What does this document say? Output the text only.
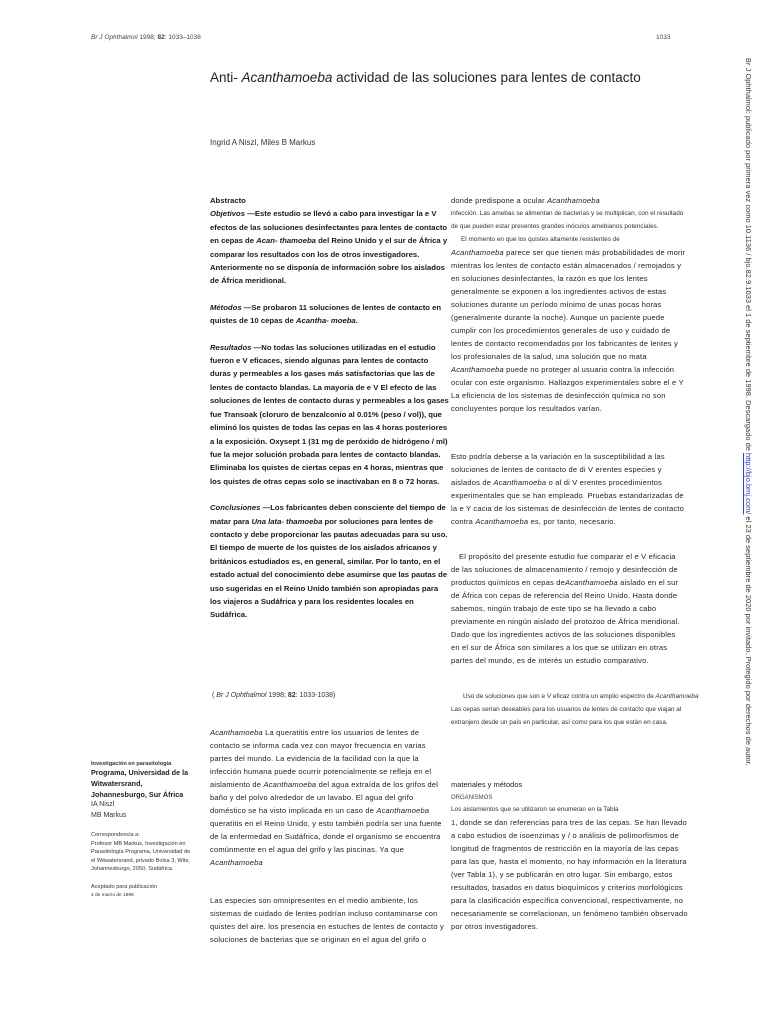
Br J Ophthalmol 1998; 82: 1033–1038	1033
Br J Ophthalmol: publicado por primera vez como 10.1136 / bjo.82.9.1033 el 1 de septiembre de 1998. Descargado de http://bjo.bmj.com/ el 23 de septiembre de 2020 por invitado. Protegido por derechos de autor.
Anti- Acanthamoeba actividad de las soluciones para lentes de contacto
Ingrid A Niszl, Miles B Markus

Abstracto

Objetivos —Este estudio se llevó a cabo para investigar la e V efectos de las soluciones desinfectantes para lentes de contacto en cepas de Acan- thamoeba del Reino Unido y el sur de África y comparar los resultados con los de otros investigadores. Anteriormente no se disponía de información sobre los aislados de África meridional.

Métodos —Se probaron 11 soluciones de lentes de contacto en quistes de 10 cepas de Acantha- moeba.

Resultados —No todas las soluciones utilizadas en el estudio fueron e V eficaces, siendo algunas para lentes de contacto duras y permeables a los gases más satisfactorias que las de lentes de contacto blandas. La mayoría de e V El efecto de las soluciones de lentes de contacto duras y permeables a los gases fue Transoak (cloruro de benzalconio al 0.01% (peso / vol)), que eliminó los quistes de todas las cepas en las 4 horas posteriores a la exposición. Oxysept 1 (31 mg de peróxido de hidrógeno / ml) fue la mejor solución probada para lentes de contacto blandas. Eliminaba los quistes de ciertas cepas en 4 horas, mientras que los quistes de otras cepas solo se inactivaban en 8 o 72 horas.

Conclusiones —Los fabricantes deben consciente del tiempo de matar para Una lata- thamoeba por soluciones para lentes de contacto y debe proporcionar las pautas adecuadas para su uso. El tiempo de muerte de los quistes de los aislados africanos y británicos estudiados es, en general, similar. Por lo tanto, en el estado actual del conocimiento debe asumirse que las pautas de uso sugeridas en el Reino Unido también son apropiadas para los viajeros a Sudáfrica y para los residentes locales en Sudáfrica.

( Br J Ophthalmol 1998; 82: 1033-1038)
Acanthamoeba La queratitis entre los usuarios de lentes de contacto se informa cada vez con mayor frecuencia en varias partes del mundo. La evidencia de la facilidad con la que la infección humana puede ocurrir potencialmente se refleja en el aislamiento de Acanthamoeba del agua extraída de los grifos del baño y del polvo alrededor de un lavabo. El agua del grifo doméstico se ha visto implicada en un caso de Acanthamoeba queratitis en el Reino Unido, y esto también podría ser una fuente de la enfermedad en Sudáfrica, donde el organismo se encuentra comúnmente en el agua del grifo y las piscinas. Ya que Acanthamoeba
Las especies son omnipresentes en el medio ambiente, los sistemas de cuidado de lentes podrían incluso contaminarse con quistes del aire. los presencia en estuches de lentes de contacto y soluciones de bacterias que se originan en el agua del grifo o
Investigación en parasitología
Programa, Universidad de la Witwatersrand, Johannesburgo, Sur África
IA Niszl
MB Markus
Correspondencia a:
Profesor MB Markus, Investigación en Parasitología Programa, Universidad de el Witwatersrand, privado Bolsa 3, Wits, Johannesburgo, 2050, Sudáfrica.
Aceptado para publicación
4 de marzo de 1998
donde predispone a ocular Acanthamoeba
infección. Las amebas se alimentan de bacterias y se multiplican, con el resultado de que pueden estar presentes grandes inóculos amebianos potenciales.
El momento en que los quistes altamente resistentes de
Acanthamoeba parece ser que tienen más probabilidades de morir mientras los lentes de contacto están almacenados / remojados y en soluciones desinfectantes, la razón es que los lentes generalmente se exponen a los ingredientes activos de estas soluciones durante un período mínimo de unas pocas horas (generalmente durante la noche). Aunque un paciente puede cumplir con los procedimientos generales de uso y cuidado de lentes de contacto recomendados por los fabricantes de lentes y los profesionales de la salud, una solución que no mata Acanthamoeba puede no proteger al usuario contra la infección ocular con este organismo. Hallazgos experimentales sobre el e Y La eficiencia de los sistemas de desinfección química no son concluyentes porque los resultados varían.
Esto podría deberse a la variación en la susceptibilidad a las soluciones de lentes de contacto de di V erentes especies y aislados de Acanthamoeba o al di V erentes procedimientos experimentales que se han empleado. Pruebas estandarizadas de la e Y cacia de los sistemas de desinfección de lentes de contacto contra Acanthamoeba es, por tanto, necesario.
El propósito del presente estudio fue comparar el e V eficacia de las soluciones de almacenamiento / remojo y desinfección de productos químicos en cepas deAcanthamoeba aislado en el sur de África con cepas de referencia del Reino Unido. Hasta donde sabemos, ningún trabajo de este tipo se ha llevado a cabo previamente en ningún aislado del protozoo de África meridional. Dado que los ingredientes activos de las soluciones disponibles en el sur de África son similares a los que se utilizan en otras partes del mundo, es de interés un estudio comparativo.
Uso de soluciones que son e V eficaz contra un amplio espectro de Acanthamoeba
Las cepas serían deseables para los usuarios de lentes de contacto que viajan al extranjero desde un país en particular, así como para los que están en casa.
materiales y métodos
ORGANISMOS
Los aislamientos que se utilizaron se enumeran en la Tabla
1, donde se dan referencias para tres de las cepas. Se han llevado a cabo estudios de isoenzimas y / o análisis de polimorfismos de longitud de fragmentos de restricción en la mayoría de las cepas para las que, hasta el momento, no hay información en la literatura (ver Tabla 1), y se publicarán en otro lugar. Sin embargo, estos resultados, basados en datos bioquímicos y criterios morfológicos para la clasificación específica convencional, respectivamente, no necesariamente se correlacionan, un fenómeno también observado por otros investigadores.
